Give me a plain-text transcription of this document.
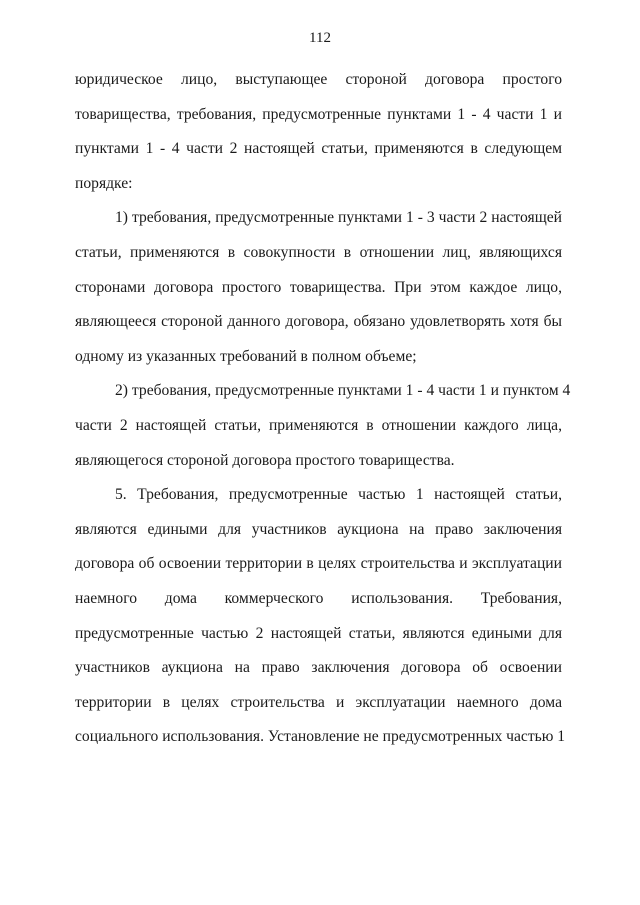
112
юридическое лицо, выступающее стороной договора простого
товарищества, требования, предусмотренные пунктами 1 - 4 части 1 и
пунктами 1 - 4 части 2 настоящей статьи, применяются в следующем
порядке:
1) требования, предусмотренные пунктами 1 - 3 части 2 настоящей
статьи, применяются в совокупности в отношении лиц, являющихся
сторонами договора простого товарищества. При этом каждое лицо,
являющееся стороной данного договора, обязано удовлетворять хотя бы
одному из указанных требований в полном объеме;
2) требования, предусмотренные пунктами 1 - 4 части 1 и пунктом 4
части 2 настоящей статьи, применяются в отношении каждого лица,
являющегося стороной договора простого товарищества.
5. Требования, предусмотренные частью 1 настоящей статьи,
являются едиными для участников аукциона на право заключения
договора об освоении территории в целях строительства и эксплуатации
наемного дома коммерческого использования. Требования,
предусмотренные частью 2 настоящей статьи, являются едиными для
участников аукциона на право заключения договора об освоении
территории в целях строительства и эксплуатации наемного дома
социального использования. Установление не предусмотренных частью 1
